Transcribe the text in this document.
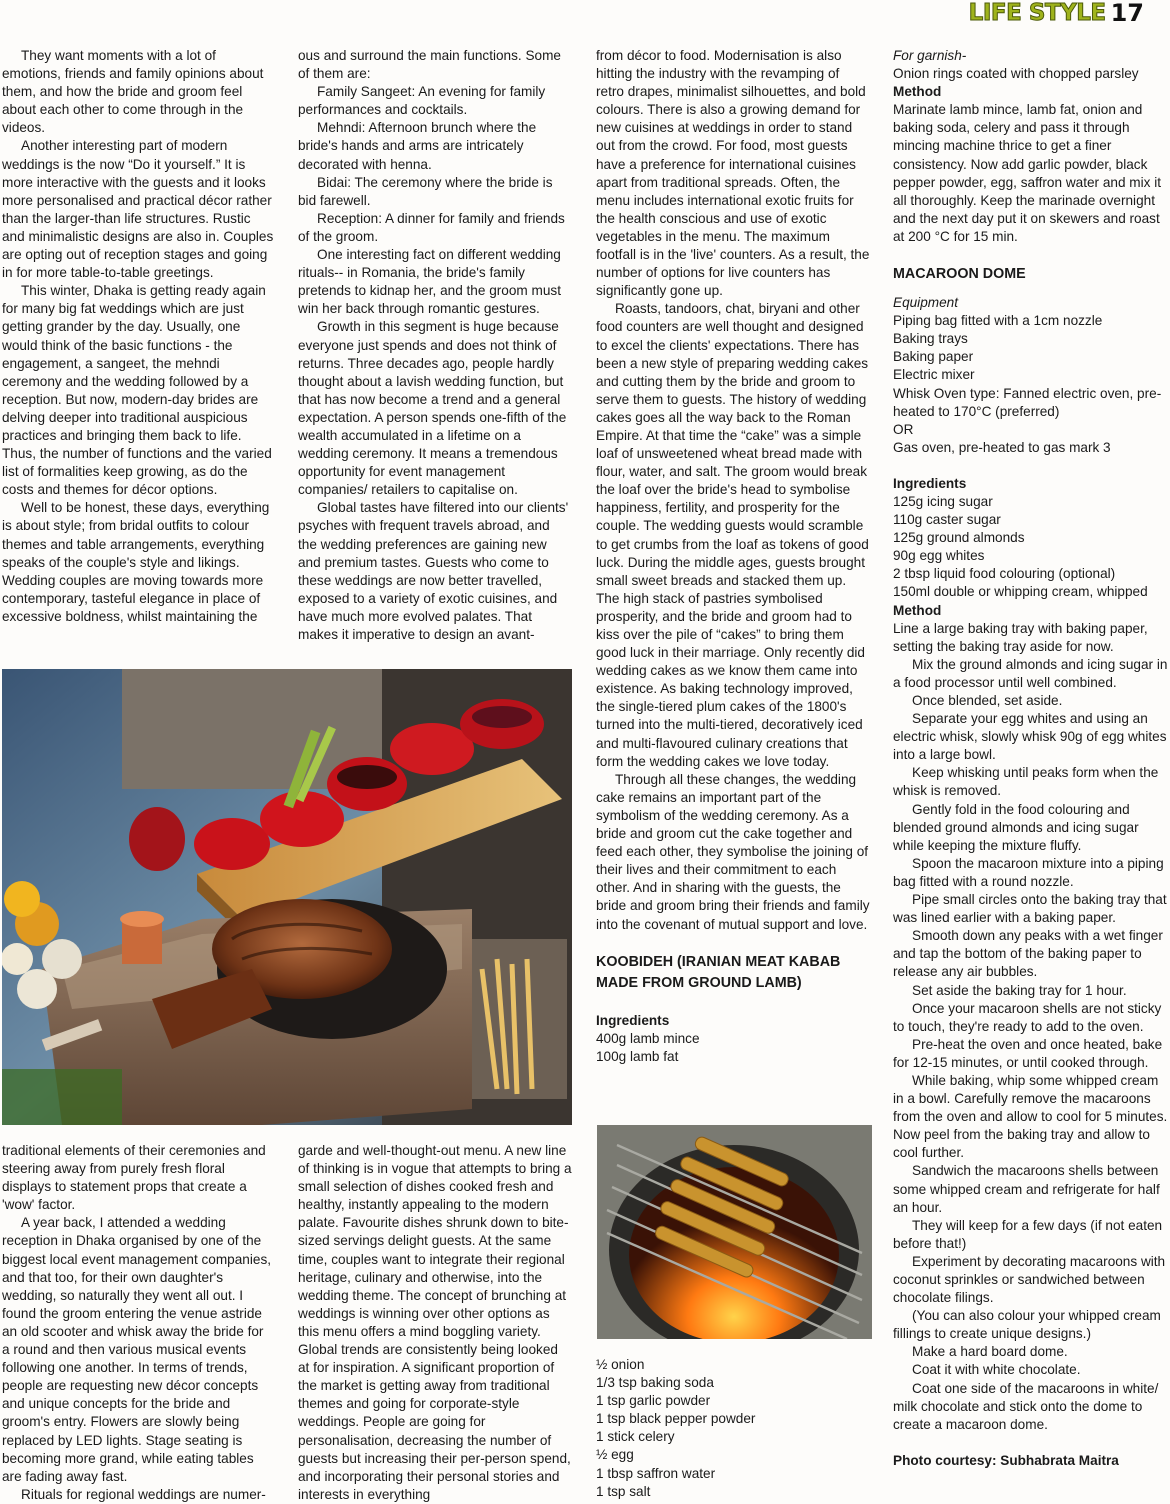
LIFE STYLE 17

They want moments with a lot of emotions, friends and family opinions about them, and how the bride and groom feel about each other to come through in the videos.

Another interesting part of modern weddings is the now “Do it yourself.” It is more interactive with the guests and it looks more personalised and practical décor rather than the larger-than life structures. Rustic and minimalistic designs are also in. Couples are opting out of reception stages and going in for more table-to-table greetings.

This winter, Dhaka is getting ready again for many big fat weddings which are just getting grander by the day. Usually, one would think of the basic functions - the engagement, a sangeet, the mehndi ceremony and the wedding followed by a reception. But now, modern-day brides are delving deeper into traditional auspicious practices and bringing them back to life. Thus, the number of functions and the varied list of formalities keep growing, as do the costs and themes for décor options.

Well to be honest, these days, everything is about style; from bridal outfits to colour themes and table arrangements, everything speaks of the couple's style and likings. Wedding couples are moving towards more contemporary, tasteful elegance in place of excessive boldness, whilst maintaining the

ous and surround the main functions. Some of them are:

Family Sangeet: An evening for family performances and cocktails.

Mehndi: Afternoon brunch where the bride's hands and arms are intricately decorated with henna.

Bidai: The ceremony where the bride is bid farewell.

Reception: A dinner for family and friends of the groom.

One interesting fact on different wedding rituals-- in Romania, the bride's family pretends to kidnap her, and the groom must win her back through romantic gestures.

Growth in this segment is huge because everyone just spends and does not think of returns. Three decades ago, people hardly thought about a lavish wedding function, but that has now become a trend and a general expectation. A person spends one-fifth of the wealth accumulated in a lifetime on a wedding ceremony. It means a tremendous opportunity for event management companies/ retailers to capitalise on.

Global tastes have filtered into our clients' psyches with frequent travels abroad, and the wedding preferences are gaining new and premium tastes. Guests who come to these weddings are now better travelled, exposed to a variety of exotic cuisines, and have much more evolved palates. That makes it imperative to design an avant-

traditional elements of their ceremonies and steering away from purely fresh floral displays to statement props that create a 'wow' factor.

A year back, I attended a wedding reception in Dhaka organised by one of the biggest local event management companies, and that too, for their own daughter's wedding, so naturally they went all out. I found the groom entering the venue astride an old scooter and whisk away the bride for a round and then various musical events following one another. In terms of trends, people are requesting new décor concepts and unique concepts for the bride and groom's entry. Flowers are slowly being replaced by LED lights. Stage seating is becoming more grand, while eating tables are fading away fast.

Rituals for regional weddings are numer-

garde and well-thought-out menu. A new line of thinking is in vogue that attempts to bring a small selection of dishes cooked fresh and healthy, instantly appealing to the modern palate. Favourite dishes shrunk down to bite-sized servings delight guests. At the same time, couples want to integrate their regional heritage, culinary and otherwise, into the wedding theme. The concept of brunching at weddings is winning over other options as this menu offers a mind boggling variety. Global trends are consistently being looked at for inspiration. A significant proportion of the market is getting away from traditional themes and going for corporate-style weddings. People are going for personalisation, decreasing the number of guests but increasing their per-person spend, and incorporating their personal stories and interests in everything

from décor to food. Modernisation is also hitting the industry with the revamping of retro drapes, minimalist silhouettes, and bold colours. There is also a growing demand for new cuisines at weddings in order to stand out from the crowd. For food, most guests have a preference for international cuisines apart from traditional spreads. Often, the menu includes international exotic fruits for the health conscious and use of exotic vegetables in the menu. The maximum footfall is in the 'live' counters. As a result, the number of options for live counters has significantly gone up.

Roasts, tandoors, chat, biryani and other food counters are well thought and designed to excel the clients' expectations. There has been a new style of preparing wedding cakes and cutting them by the bride and groom to serve them to guests. The history of wedding cakes goes all the way back to the Roman Empire. At that time the “cake” was a simple loaf of unsweetened wheat bread made with flour, water, and salt. The groom would break the loaf over the bride's head to symbolise happiness, fertility, and prosperity for the couple. The wedding guests would scramble to get crumbs from the loaf as tokens of good luck. During the middle ages, guests brought small sweet breads and stacked them up. The high stack of pastries symbolised prosperity, and the bride and groom had to kiss over the pile of “cakes” to bring them good luck in their marriage. Only recently did wedding cakes as we know them came into existence. As baking technology improved, the single-tiered plum cakes of the 1800's turned into the multi-tiered, decoratively iced and multi-flavoured culinary creations that form the wedding cakes we love today.

Through all these changes, the wedding cake remains an important part of the symbolism of the wedding ceremony. As a bride and groom cut the cake together and feed each other, they symbolise the joining of their lives and their commitment to each other. And in sharing with the guests, the bride and groom bring their friends and family into the covenant of mutual support and love.

KOOBIDEH (IRANIAN MEAT KABAB MADE FROM GROUND LAMB)

Ingredients

400g lamb mince

100g lamb fat

½ onion

1/3 tsp baking soda

1 tsp garlic powder

1 tsp black pepper powder

1 stick celery

½ egg

1 tbsp saffron water

1 tsp salt

For garnish-

Onion rings coated with chopped parsley

Method

Marinate lamb mince, lamb fat, onion and baking soda, celery and pass it through mincing machine thrice to get a finer consistency. Now add garlic powder, black pepper powder, egg, saffron water and mix it all thoroughly. Keep the marinade overnight and the next day put it on skewers and roast at 200 °C for 15 min.

MACAROON DOME

Equipment

Piping bag fitted with a 1cm nozzle

Baking trays

Baking paper

Electric mixer

Whisk Oven type: Fanned electric oven, pre-heated to 170°C (preferred)

OR

Gas oven, pre-heated to gas mark 3

Ingredients

125g icing sugar

110g caster sugar

125g ground almonds

90g egg whites

2 tbsp liquid food colouring (optional)

150ml double or whipping cream, whipped

Method

Line a large baking tray with baking paper, setting the baking tray aside for now.

Mix the ground almonds and icing sugar in a food processor until well combined.

Once blended, set aside.

Separate your egg whites and using an electric whisk, slowly whisk 90g of egg whites into a large bowl.

Keep whisking until peaks form when the whisk is removed.

Gently fold in the food colouring and blended ground almonds and icing sugar while keeping the mixture fluffy.

Spoon the macaroon mixture into a piping bag fitted with a round nozzle.

Pipe small circles onto the baking tray that was lined earlier with a baking paper.

Smooth down any peaks with a wet finger and tap the bottom of the baking paper to release any air bubbles.

Set aside the baking tray for 1 hour.

Once your macaroon shells are not sticky to touch, they're ready to add to the oven.

Pre-heat the oven and once heated, bake for 12-15 minutes, or until cooked through.

While baking, whip some whipped cream in a bowl. Carefully remove the macaroons from the oven and allow to cool for 5 minutes. Now peel from the baking tray and allow to cool further.

Sandwich the macaroons shells between some whipped cream and refrigerate for half an hour.

They will keep for a few days (if not eaten before that!)

Experiment by decorating macaroons with coconut sprinkles or sandwiched between chocolate filings.

(You can also colour your whipped cream fillings to create unique designs.)

Make a hard board dome.

Coat it with white chocolate.

Coat one side of the macaroons in white/ milk chocolate and stick onto the dome to create a macaroon dome.

Photo courtesy: Subhabrata Maitra
